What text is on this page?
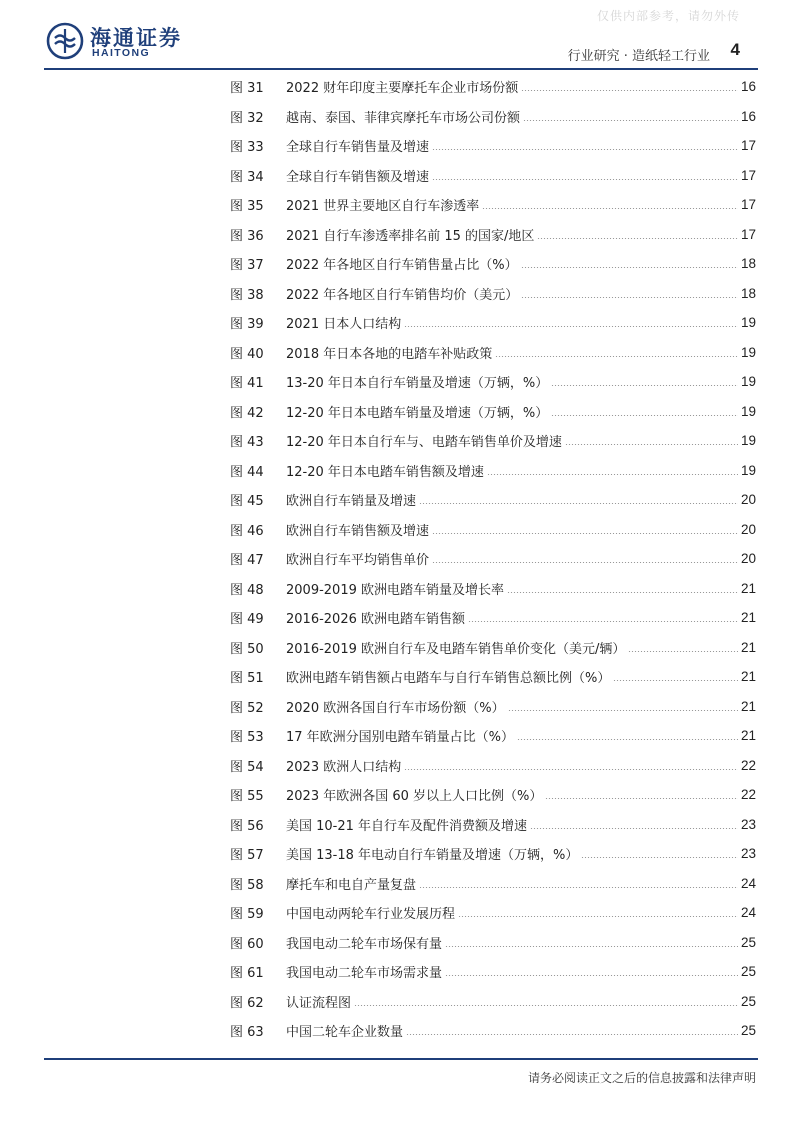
仅供内部参考，请勿外传
海通证券
HAITONG	行业研究 · 造纸轻工行业 4
图 31	2022 财年印度主要摩托车企业市场份额	16
图 32	越南、泰国、菲律宾摩托车市场公司份额	16
图 33	全球自行车销售量及增速	17
图 34	全球自行车销售额及增速	17
图 35	2021 世界主要地区自行车渗透率	17
图 36	2021 自行车渗透率排名前 15 的国家/地区	17
图 37	2022 年各地区自行车销售量占比（%）	18
图 38	2022 年各地区自行车销售均价（美元）	18
图 39	2021 日本人口结构	19
图 40	2018 年日本各地的电踏车补贴政策	19
图 41	13-20 年日本自行车销量及增速（万辆，%）	19
图 42	12-20 年日本电踏车销量及增速（万辆，%）	19
图 43	12-20 年日本自行车与、电踏车销售单价及增速	19
图 44	12-20 年日本电踏车销售额及增速	19
图 45	欧洲自行车销量及增速	20
图 46	欧洲自行车销售额及增速	20
图 47	欧洲自行车平均销售单价	20
图 48	2009-2019 欧洲电踏车销量及增长率	21
图 49	2016-2026 欧洲电踏车销售额	21
图 50	2016-2019 欧洲自行车及电踏车销售单价变化（美元/辆）	21
图 51	欧洲电踏车销售额占电踏车与自行车销售总额比例（%）	21
图 52	2020 欧洲各国自行车市场份额（%）	21
图 53	17 年欧洲分国别电踏车销量占比（%）	21
图 54	2023 欧洲人口结构	22
图 55	2023 年欧洲各国 60 岁以上人口比例（%）	22
图 56	美国 10-21 年自行车及配件消费额及增速	23
图 57	美国 13-18 年电动自行车销量及增速（万辆，%）	23
图 58	摩托车和电自产量复盘	24
图 59	中国电动两轮车行业发展历程	24
图 60	我国电动二轮车市场保有量	25
图 61	我国电动二轮车市场需求量	25
图 62	认证流程图	25
图 63	中国二轮车企业数量	25
请务必阅读正文之后的信息披露和法律声明
